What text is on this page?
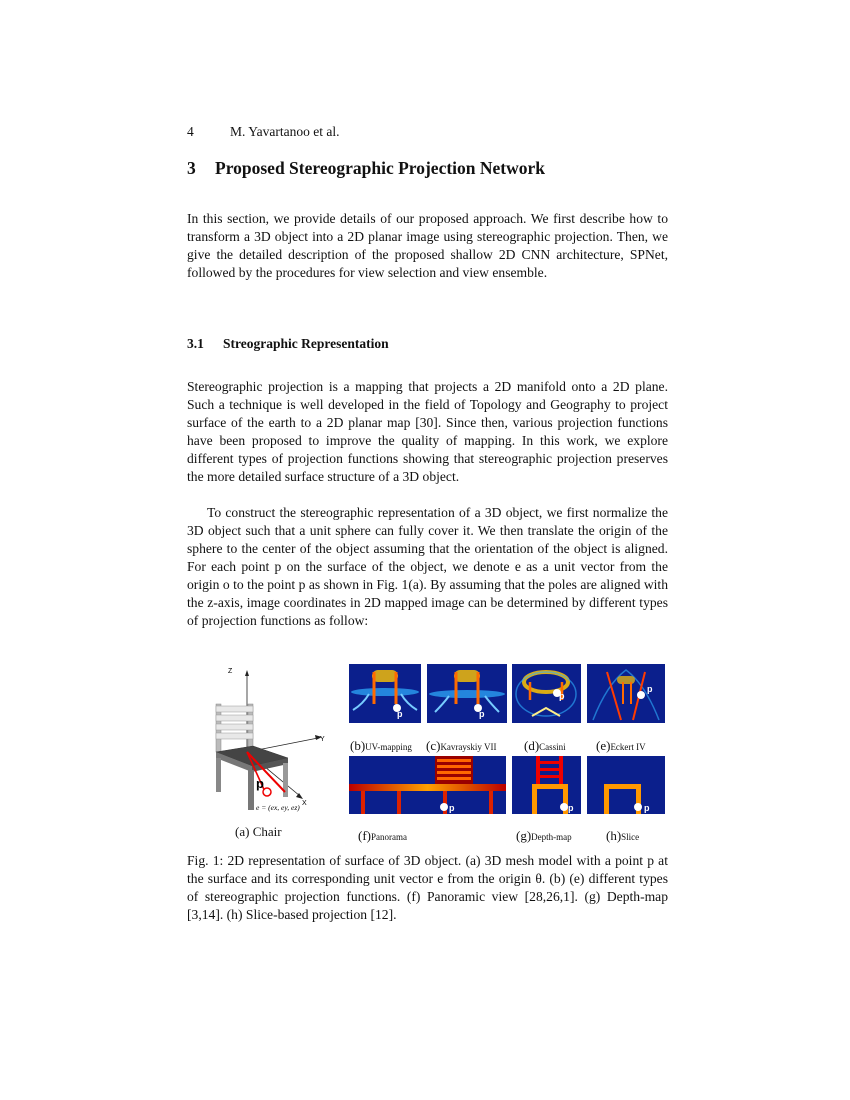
4	M. Yavartanoo et al.
3 Proposed Stereographic Projection Network

In this section, we provide details of our proposed approach. We first describe how to transform a 3D object into a 2D planar image using stereographic projection. Then, we give the detailed description of the proposed shallow 2D CNN architecture, SPNet, followed by the procedures for view selection and view ensemble.

3.1 Streographic Representation

Stereographic projection is a mapping that projects a 2D manifold onto a 2D plane. Such a technique is well developed in the field of Topology and Geography to project surface of the earth to a 2D planar map [30]. Since then, various projection functions have been proposed to improve the quality of mapping. In this work, we explore different types of projection functions showing that stereographic projection preserves the more detailed surface structure of a 3D object.

To construct the stereographic representation of a 3D object, we first normalize the 3D object such that a unit sphere can fully cover it. We then translate the origin of the sphere to the center of the object assuming that the orientation of the object is aligned. For each point p on the surface of the object, we denote e as a unit vector from the origin o to the point p as shown in Fig. 1(a). By assuming that the poles are aligned with the z-axis, image coordinates in 2D mapped image can be determined by different types of projection functions as follow:

Z
Y
X
p
e = (ex, ey, ez)
p	p
p
p
(b)UV-mapping (c)Kavrayskiy VII (d)Cassini (e)Eckert IV
p	p	p
(a) Chair	(f)Panorama	(g)Depth-map	(h)Slice

Fig. 1: 2D representation of surface of 3D object. (a) 3D mesh model with a point p at the surface and its corresponding unit vector e from the origin θ. (b) (e) different types of stereographic projection functions. (f) Panoramic view [28,26,1]. (g) Depth-map [3,14]. (h) Slice-based projection [12].
